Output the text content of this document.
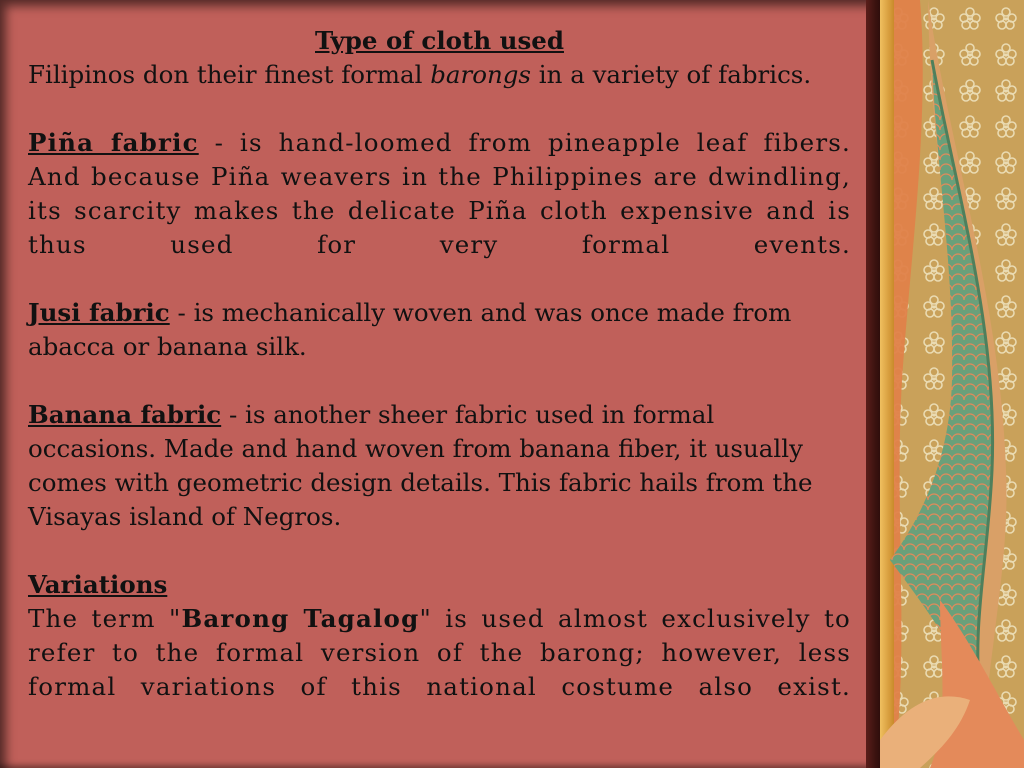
Type of cloth used

Filipinos don their finest formal barongs in a variety of fabrics.

Piña fabric - is hand-loomed from pineapple leaf fibers. And because Piña weavers in the Philippines are dwindling, its scarcity makes the delicate Piña cloth expensive and is thus used for very formal events.

Jusi fabric - is mechanically woven and was once made from abacca or banana silk.

Banana fabric - is another sheer fabric used in formal occasions. Made and hand woven from banana fiber, it usually comes with geometric design details. This fabric hails from the Visayas island of Negros.

Variations

The term "Barong Tagalog" is used almost exclusively to refer to the formal version of the barong; however, less formal variations of this national costume also exist.
